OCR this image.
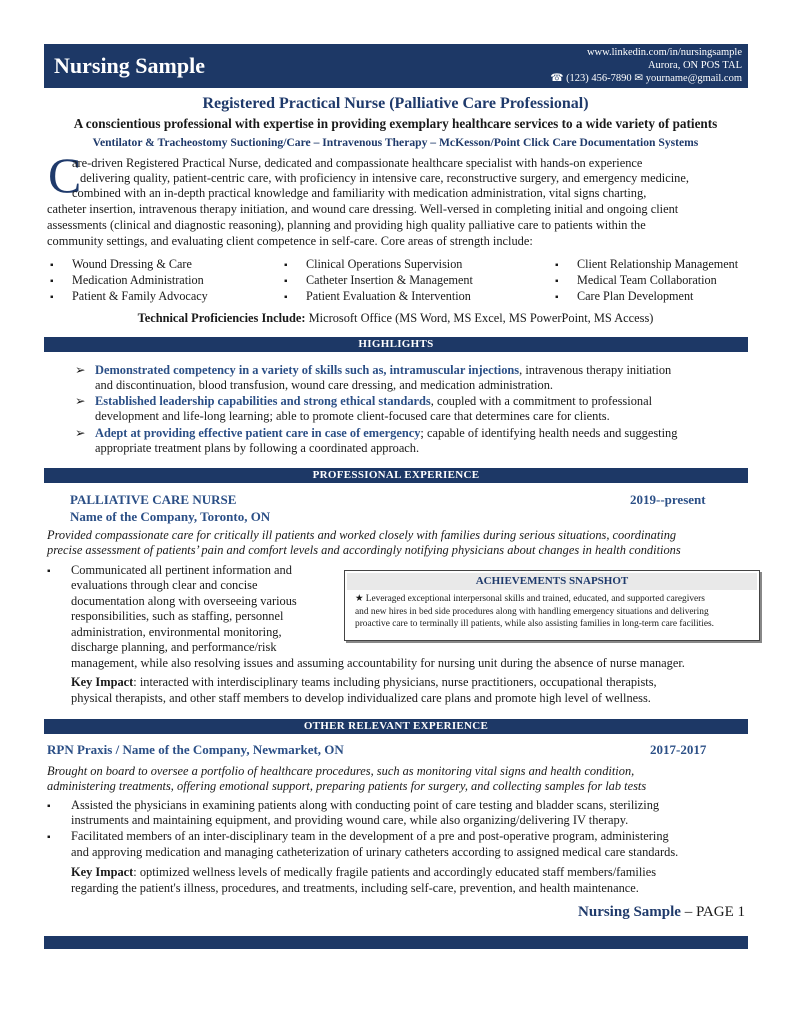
Nursing Sample
www.linkedin.com/in/nursingsample
Aurora, ON POS TAL
☎ (123) 456-7890 ✉ yourname@gmail.com
Registered Practical Nurse (Palliative Care Professional)
A conscientious professional with expertise in providing exemplary healthcare services to a wide variety of patients
Ventilator & Tracheostomy Suctioning/Care – Intravenous Therapy – McKesson/Point Click Care Documentation Systems
C
are-driven Registered Practical Nurse, dedicated and compassionate healthcare specialist with hands-on experience
delivering quality, patient-centric care, with proficiency in intensive care, reconstructive surgery, and emergency medicine,
combined with an in-depth practical knowledge and familiarity with medication administration, vital signs charting,
catheter insertion, intravenous therapy initiation, and wound care dressing. Well-versed in completing initial and ongoing client
assessments (clinical and diagnostic reasoning), planning and providing high quality palliative care to patients within the
community settings, and evaluating client competence in self-care. Core areas of strength include:
▪ Wound Dressing & Care
▪ Medication Administration
▪ Patient & Family Advocacy
▪ Clinical Operations Supervision
▪ Catheter Insertion & Management
▪ Patient Evaluation & Intervention
▪ Client Relationship Management
▪ Medical Team Collaboration
▪ Care Plan Development
Technical Proficiencies Include: Microsoft Office (MS Word, MS Excel, MS PowerPoint, MS Access)
HIGHLIGHTS
➢ Demonstrated competency in a variety of skills such as, intramuscular injections, intravenous therapy initiation
and discontinuation, blood transfusion, wound care dressing, and medication administration.
➢ Established leadership capabilities and strong ethical standards, coupled with a commitment to professional
development and life-long learning; able to promote client-focused care that determines care for clients.
➢ Adept at providing effective patient care in case of emergency; capable of identifying health needs and suggesting
appropriate treatment plans by following a coordinated approach.
PROFESSIONAL EXPERIENCE
PALLIATIVE CARE NURSE	2019--present
Name of the Company, Toronto, ON
Provided compassionate care for critically ill patients and worked closely with families during serious situations, coordinating
precise assessment of patients’ pain and comfort levels and accordingly notifying physicians about changes in health conditions
▪ Communicated all pertinent information and
evaluations through clear and concise
documentation along with overseeing various
responsibilities, such as staffing, personnel
administration, environmental monitoring,
discharge planning, and performance/risk
management, while also resolving issues and assuming accountability for nursing unit during the absence of nurse manager.
ACHIEVEMENTS SNAPSHOT
★ Leveraged exceptional interpersonal skills and trained, educated, and supported caregivers
and new hires in bed side procedures along with handling emergency situations and delivering
proactive care to terminally ill patients, while also assisting families in long-term care facilities.
Key Impact: interacted with interdisciplinary teams including physicians, nurse practitioners, occupational therapists,
physical therapists, and other staff members to develop individualized care plans and promote high level of wellness.
OTHER RELEVANT EXPERIENCE
RPN Praxis / Name of the Company, Newmarket, ON	2017-2017
Brought on board to oversee a portfolio of healthcare procedures, such as monitoring vital signs and health condition,
administering treatments, offering emotional support, preparing patients for surgery, and collecting samples for lab tests
▪ Assisted the physicians in examining patients along with conducting point of care testing and bladder scans, sterilizing
instruments and maintaining equipment, and providing wound care, while also organizing/delivering IV therapy.
▪ Facilitated members of an inter-disciplinary team in the development of a pre and post-operative program, administering
and approving medication and managing catheterization of urinary catheters according to assigned medical care standards.
Key Impact: optimized wellness levels of medically fragile patients and accordingly educated staff members/families
regarding the patient's illness, procedures, and treatments, including self-care, prevention, and health maintenance.
Nursing Sample – PAGE 1
